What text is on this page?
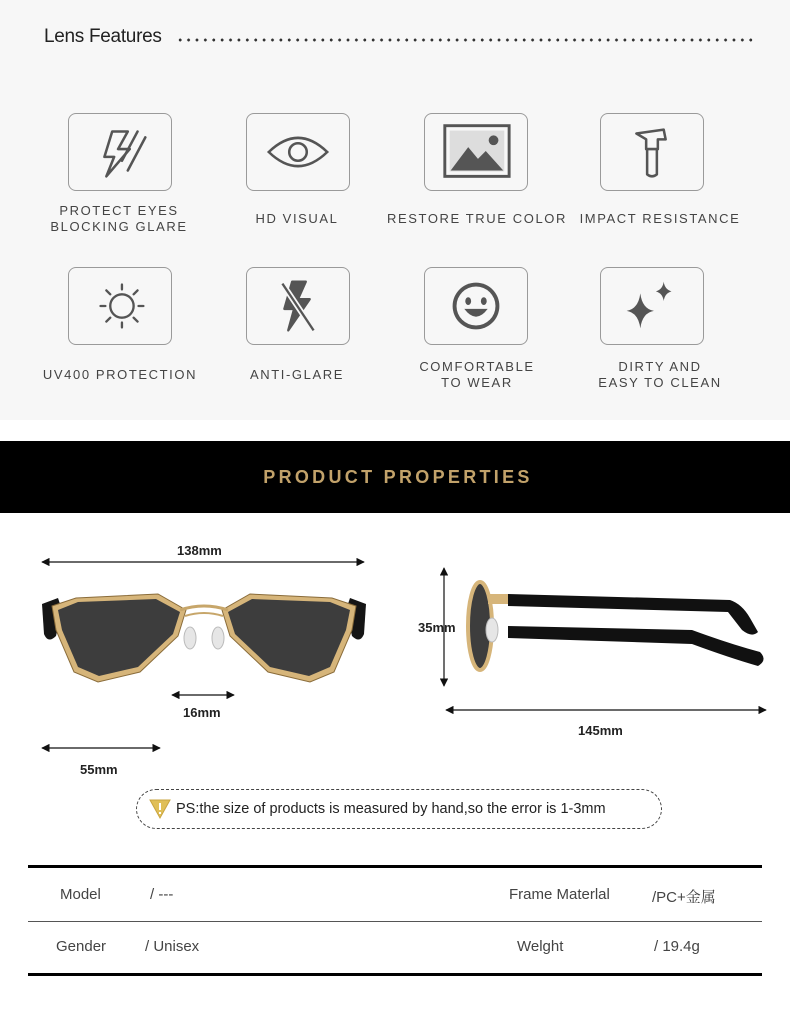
Lens Features
PROTECT EYES
BLOCKING GLARE
HD VISUAL	RESTORE TRUE COLOR IMPACT RESISTANCE
UV400 PROTECTION	ANTI-GLARE
COMFORTABLE
TO WEAR
DIRTY AND
EASY TO CLEAN
PRODUCT PROPERTIES
138mm
16mm
55mm
35mm
145mm
PS:the size of products is measured by hand,so the error is 1-3mm
Model	/ ---	Frame Materlal	/PC+金属
Gender	/ Unisex	Welght	/ 19.4g
